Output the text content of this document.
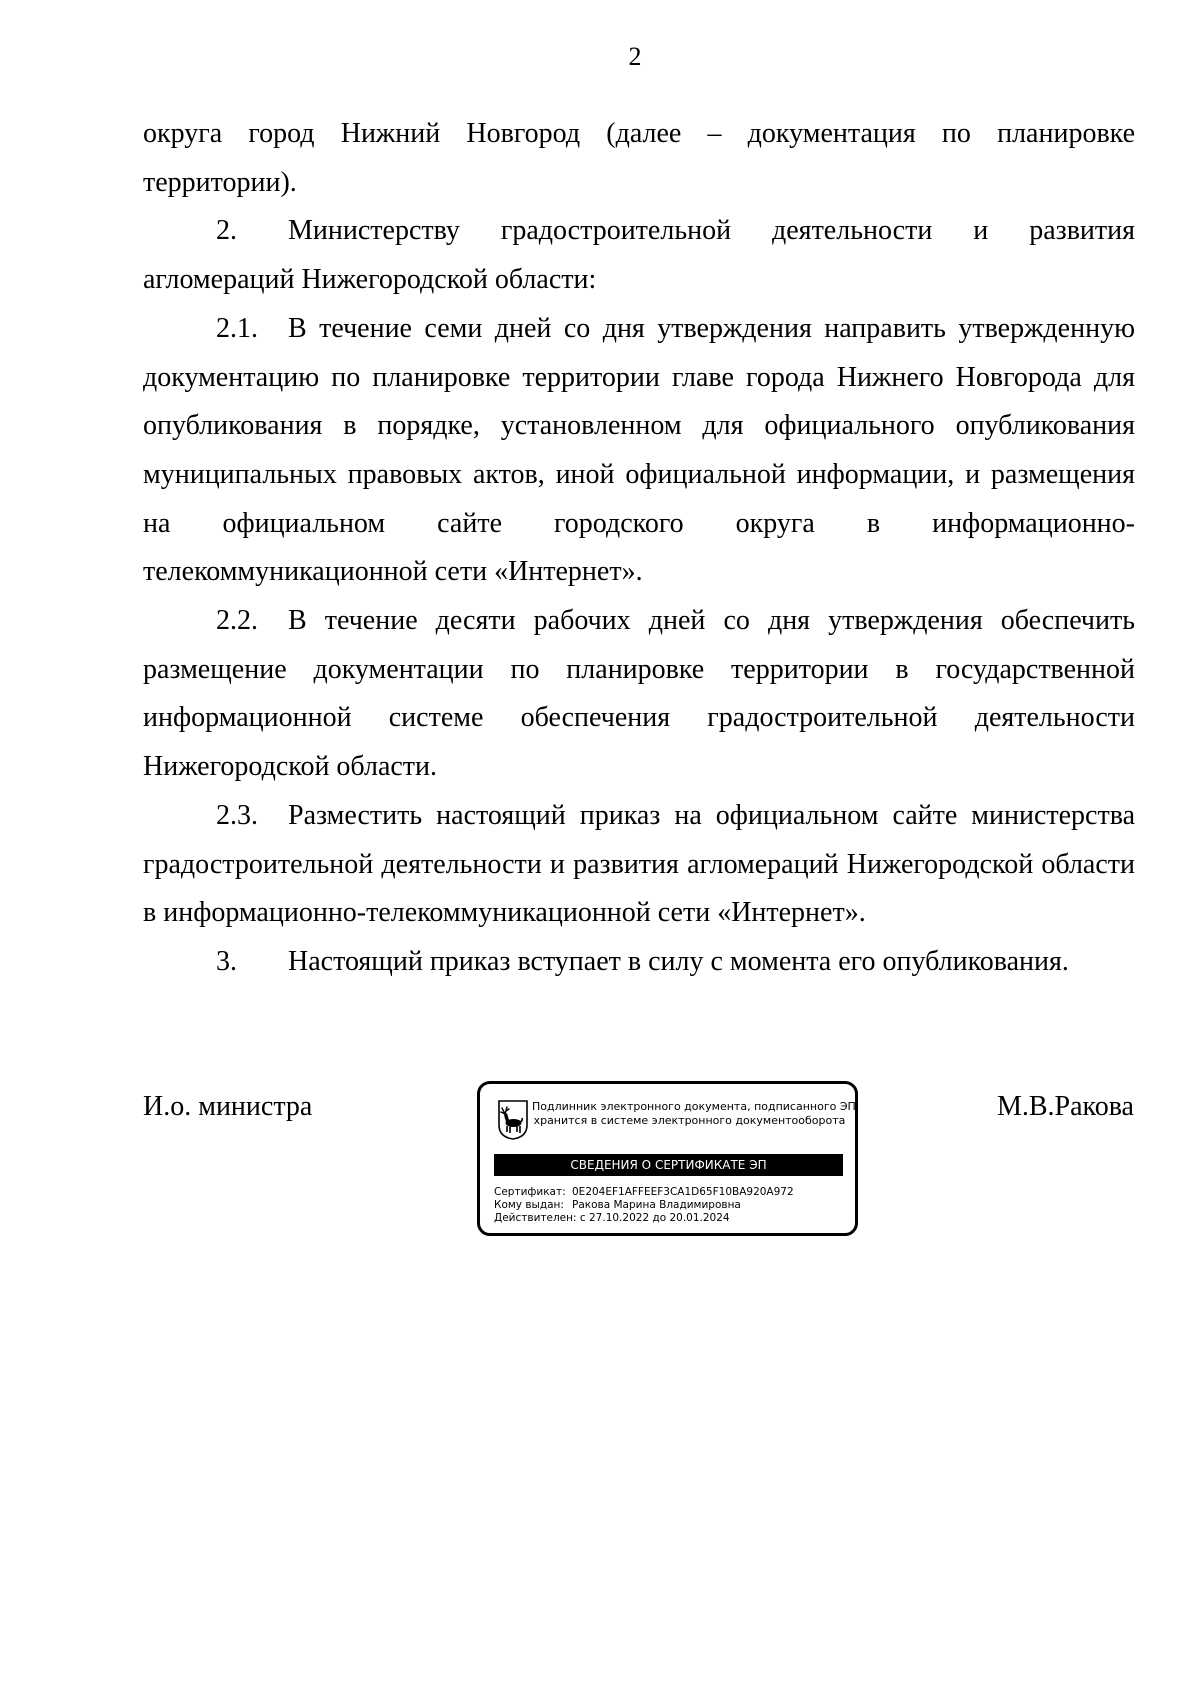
2

округа город Нижний Новгород (далее – документация по планировке территории).

2. Министерству градостроительной деятельности и развития агломераций Нижегородской области:

2.1. В течение семи дней со дня утверждения направить утвержденную документацию по планировке территории главе города Нижнего Новгорода для опубликования в порядке, установленном для официального опубликования муниципальных правовых актов, иной официальной информации, и размещения на официальном сайте городского округа в информационно-телекоммуникационной сети «Интернет».

2.2. В течение десяти рабочих дней со дня утверждения обеспечить размещение документации по планировке территории в государственной информационной системе обеспечения градостроительной деятельности Нижегородской области.

2.3. Разместить настоящий приказ на официальном сайте министерства градостроительной деятельности и развития агломераций Нижегородской области в информационно-телекоммуникационной сети «Интернет».

3. Настоящий приказ вступает в силу с момента его опубликования.

И.о. министра	М.В.Ракова
Подлинник электронного документа, подписанного ЭП,
хранится в системе электронного документооборота
СВЕДЕНИЯ О СЕРТИФИКАТЕ ЭП
Сертификат: 0E204EF1AFFEEF3CA1D65F10BA920A972
Кому выдан: Ракова Марина Владимировна
Действителен: с 27.10.2022 до 20.01.2024
